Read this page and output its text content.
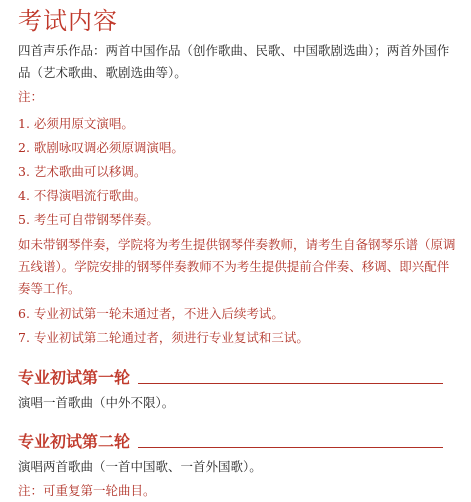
考试内容

四首声乐作品：两首中国作品（创作歌曲、民歌、中国歌剧选曲）；两首外国作品（艺术歌曲、歌剧选曲等）。

注：
1. 必须用原文演唱。
2. 歌剧咏叹调必须原调演唱。
3. 艺术歌曲可以移调。
4. 不得演唱流行歌曲。
5. 考生可自带钢琴伴奏。
如未带钢琴伴奏，学院将为考生提供钢琴伴奏教师，请考生自备钢琴乐谱（原调五线谱）。学院安排的钢琴伴奏教师不为考生提供提前合伴奏、移调、即兴配伴奏等工作。
6. 专业初试第一轮未通过者，不进入后续考试。
7. 专业初试第二轮通过者，须进行专业复试和三试。
专业初试第一轮

演唱一首歌曲（中外不限）。

专业初试第二轮

演唱两首歌曲（一首中国歌、一首外国歌）。

注：可重复第一轮曲目。
